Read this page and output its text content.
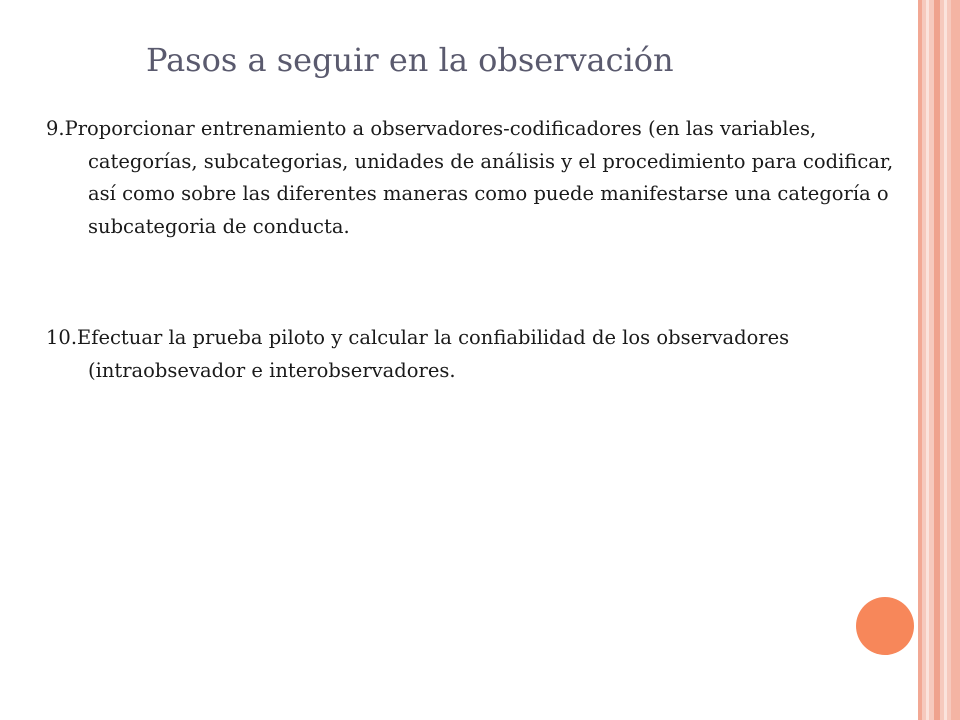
Pasos a seguir en la observación

9.Proporcionar entrenamiento a observadores-codificadores (en las variables, categorías, subcategorias, unidades de análisis y el procedimiento para codificar, así como sobre las diferentes maneras como puede manifestarse una categoría o subcategoria de conducta.

10.Efectuar la prueba piloto y calcular la confiabilidad de los observadores (intraobsevador e interobservadores.
